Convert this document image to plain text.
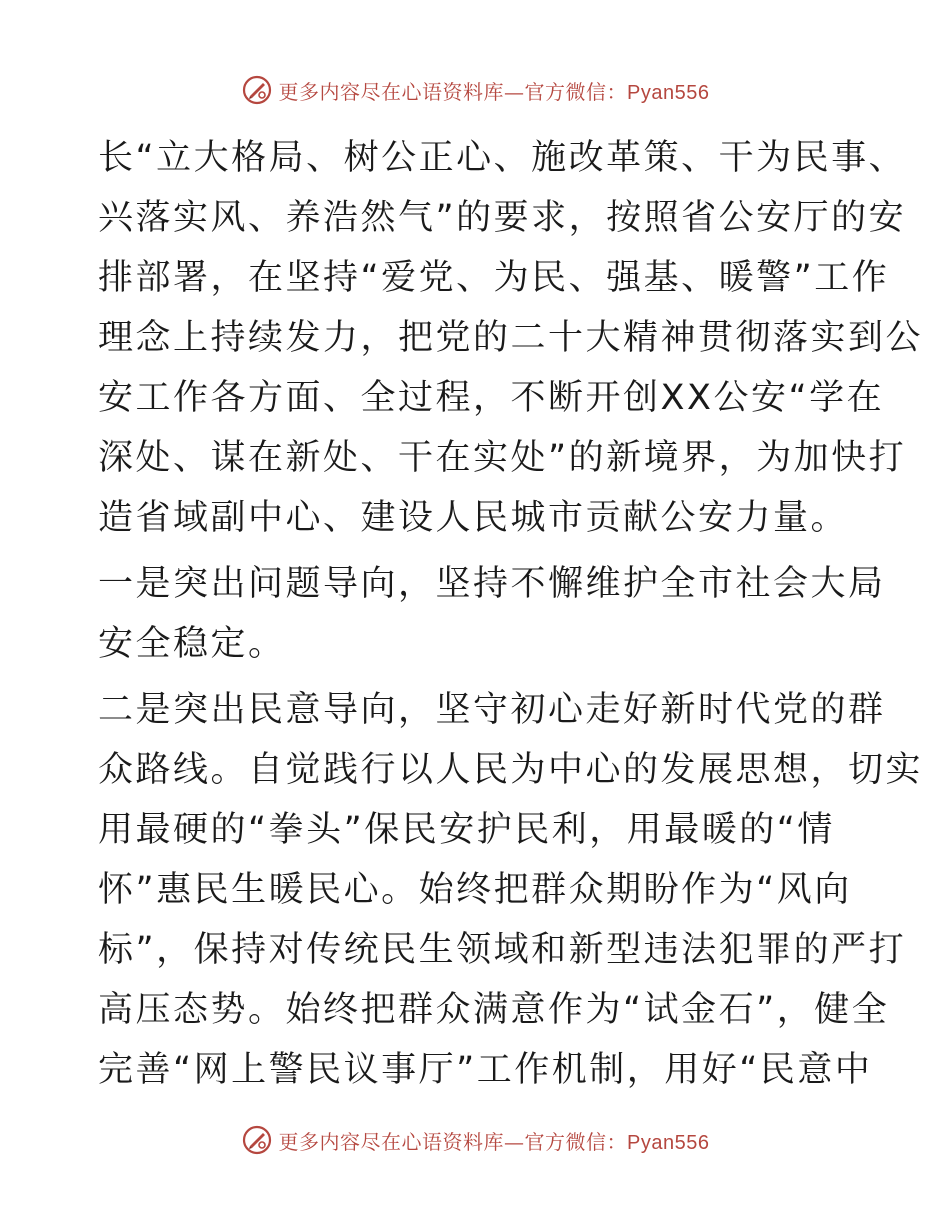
更多内容尽在心语资料库—官方微信：Pyan556
长“立大格局、树公正心、施改革策、干为民事、
兴落实风、养浩然气”的要求，按照省公安厅的安
排部署，在坚持“爱党、为民、强基、暖警”工作
理念上持续发力，把党的二十大精神贯彻落实到公
安工作各方面、全过程，不断开创XX公安“学在
深处、谋在新处、干在实处”的新境界，为加快打
造省域副中心、建设人民城市贡献公安力量。
一是突出问题导向，坚持不懈维护全市社会大局
安全稳定。
二是突出民意导向，坚守初心走好新时代党的群
众路线。自觉践行以人民为中心的发展思想，切实
用最硬的“拳头”保民安护民利，用最暖的“情
怀”惠民生暖民心。始终把群众期盼作为“风向
标”，保持对传统民生领域和新型违法犯罪的严打
高压态势。始终把群众满意作为“试金石”，健全
完善“网上警民议事厅”工作机制，用好“民意中
更多内容尽在心语资料库—官方微信：Pyan556
